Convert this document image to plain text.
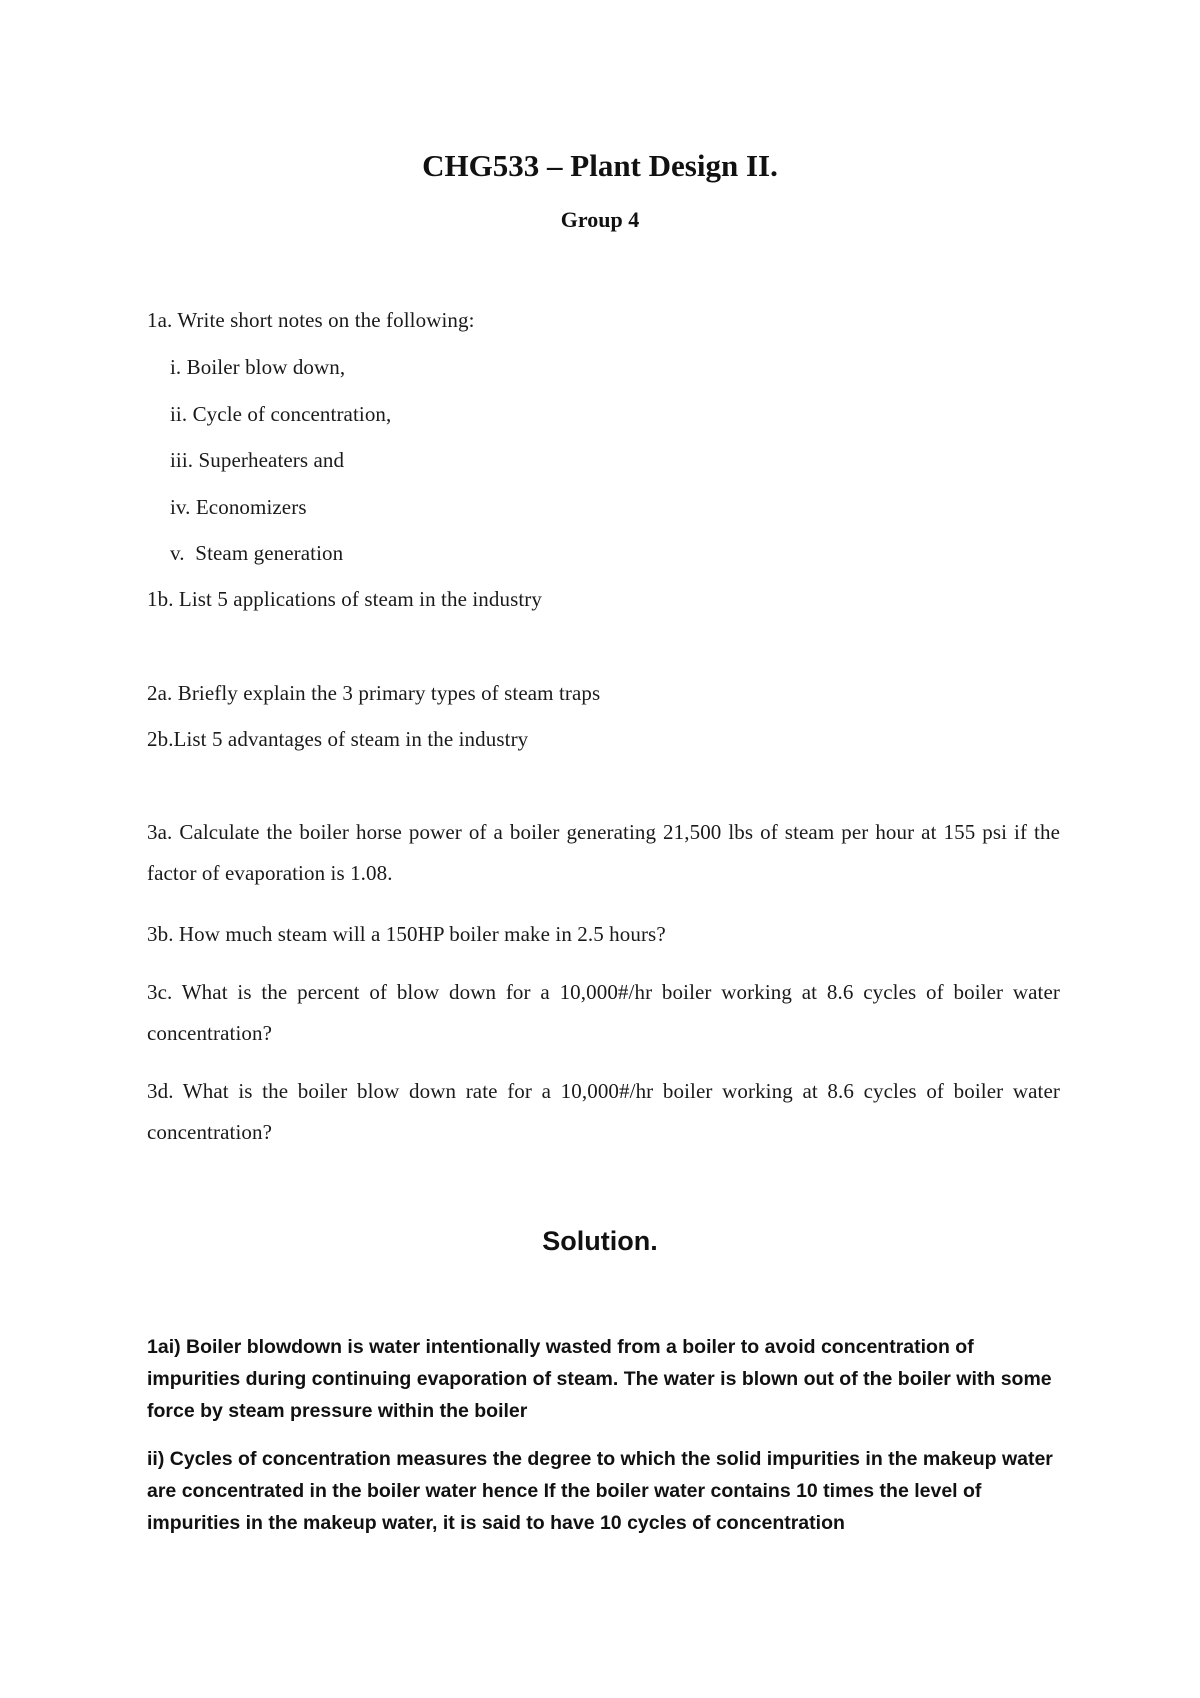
CHG533 – Plant Design II.
Group 4
1a. Write short notes on the following:
i. Boiler blow down,
ii. Cycle of concentration,
iii. Superheaters and
iv. Economizers
v.  Steam generation
1b. List 5 applications of steam in the industry
2a. Briefly explain the 3 primary types of steam traps
2b.List 5 advantages of steam in the industry
3a. Calculate the boiler horse power of a boiler generating 21,500 lbs of steam per hour at 155 psi if the factor of evaporation is 1.08.
3b. How much steam will a 150HP boiler make in 2.5 hours?
3c. What is the percent of blow down for a 10,000#/hr boiler working at 8.6 cycles of boiler water concentration?
3d. What is the boiler blow down rate for a 10,000#/hr boiler working at 8.6 cycles of boiler water concentration?
Solution.
1ai) Boiler blowdown is water intentionally wasted from a boiler to avoid concentration of impurities during continuing evaporation of steam. The water is blown out of the boiler with some force by steam pressure within the boiler
ii) Cycles of concentration measures the degree to which the solid impurities in the makeup water are concentrated in the boiler water hence If the boiler water contains 10 times the level of impurities in the makeup water, it is said to have 10 cycles of concentration
